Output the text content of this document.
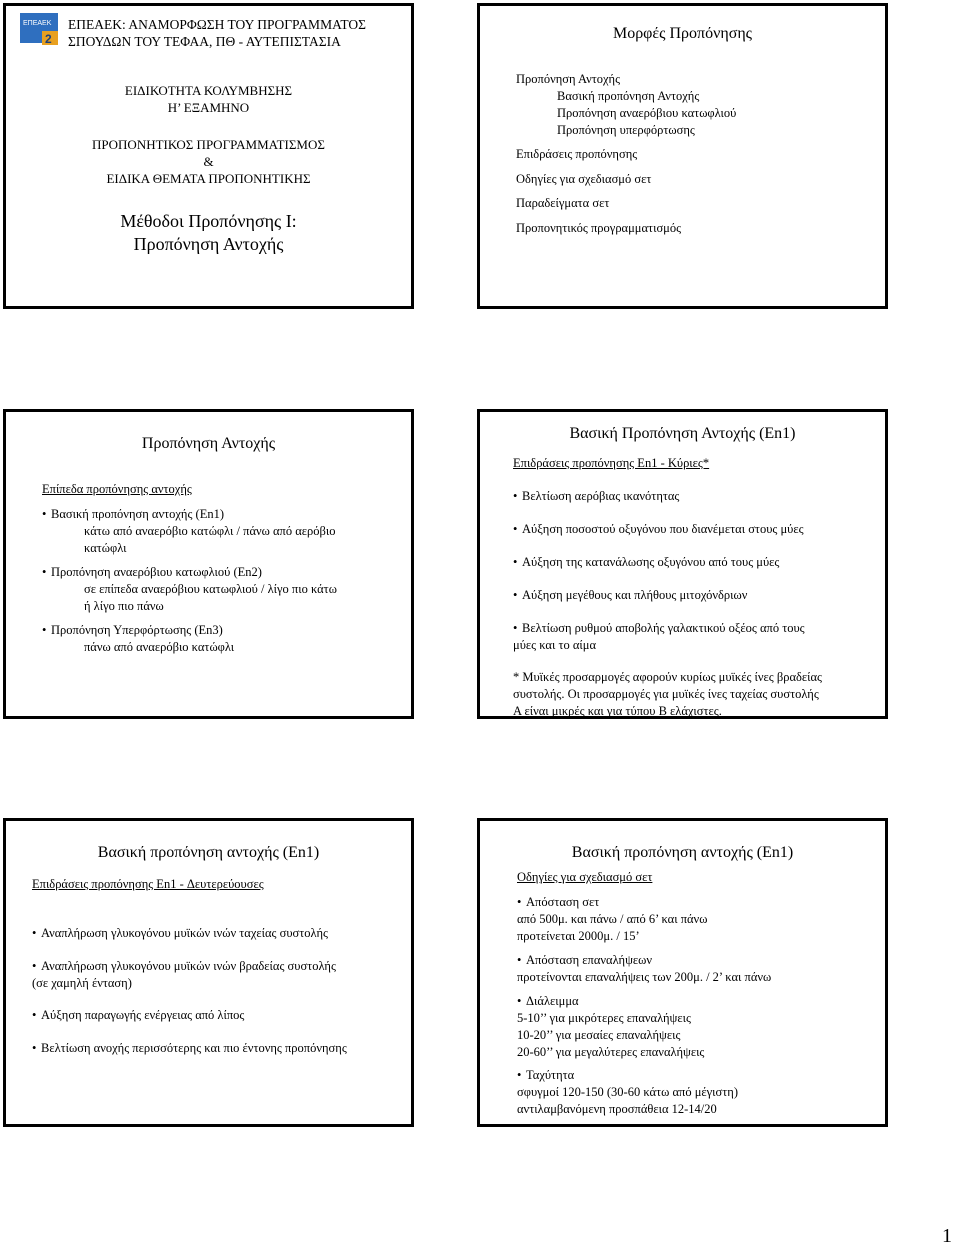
ΕΠΕΑΕΚ
2
ΕΠΕΑΕΚ: ΑΝΑΜΟΡΦΩΣΗ ΤΟΥ ΠΡΟΓΡΑΜΜΑΤΟΣ
ΣΠΟΥΔΩΝ ΤΟΥ ΤΕΦΑΑ, ΠΘ - ΑΥΤΕΠΙΣΤΑΣΙΑ
ΕΙΔΙΚΟΤΗΤΑ ΚΟΛΥΜΒΗΣΗΣ
Η’ ΕΞΑΜΗΝΟ
ΠΡΟΠΟΝΗΤΙΚΟΣ ΠΡΟΓΡΑΜΜΑΤΙΣΜΟΣ
&
ΕΙΔΙΚΑ ΘΕΜΑΤΑ ΠΡΟΠΟΝΗΤΙΚΗΣ
Μέθοδοι Προπόνησης Ι:
Προπόνηση Αντοχής
Μορφές Προπόνησης
Προπόνηση Αντοχής
Βασική προπόνηση Αντοχής
Προπόνηση αναερόβιου κατωφλιού
Προπόνηση υπερφόρτωσης
Επιδράσεις προπόνησης
Οδηγίες για σχεδιασμό σετ
Παραδείγματα σετ
Προπονητικός προγραμματισμός
Προπόνηση Αντοχής
Επίπεδα προπόνησης αντοχής
• Βασική προπόνηση αντοχής (En1)
κάτω από αναερόβιο κατώφλι / πάνω από αερόβιο
κατώφλι
• Προπόνηση αναερόβιου κατωφλιού (En2)
σε επίπεδα αναερόβιου κατωφλιού / λίγο πιο κάτω
ή λίγο πιο πάνω
• Προπόνηση Υπερφόρτωσης (En3)
πάνω από αναερόβιο κατώφλι
Βασική Προπόνηση Αντοχής (En1)
Επιδράσεις προπόνησης En1 - Κύριες*
• Βελτίωση αερόβιας ικανότητας
• Αύξηση ποσοστού οξυγόνου που διανέμεται στους μύες
• Αύξηση της κατανάλωσης οξυγόνου από τους μύες
• Αύξηση μεγέθους και πλήθους μιτοχόνδριων
• Βελτίωση ρυθμού αποβολής γαλακτικού οξέος από τους
μύες και το αίμα
* Μυϊκές προσαρμογές αφορούν κυρίως μυϊκές ίνες βραδείας
συστολής. Οι προσαρμογές για μυϊκές ίνες ταχείας συστολής
Α είναι μικρές και για τύπου Β ελάχιστες.
Βασική προπόνηση αντοχής (En1)
Επιδράσεις προπόνησης En1 - Δευτερεύουσες
• Αναπλήρωση γλυκογόνου μυϊκών ινών ταχείας συστολής
• Αναπλήρωση γλυκογόνου μυϊκών ινών βραδείας συστολής
(σε χαμηλή ένταση)
• Αύξηση παραγωγής ενέργειας από λίπος
• Βελτίωση ανοχής περισσότερης και πιο έντονης προπόνησης
Βασική προπόνηση αντοχής (En1)
Οδηγίες για σχεδιασμό σετ
• Απόσταση σετ
από 500μ. και πάνω / από 6’ και πάνω
προτείνεται 2000μ. / 15’
• Απόσταση επαναλήψεων
προτείνονται επαναλήψεις των 200μ. / 2’ και πάνω
• Διάλειμμα
5-10’’ για μικρότερες επαναλήψεις
10-20’’ για μεσαίες επαναλήψεις
20-60’’ για μεγαλύτερες επαναλήψεις
• Ταχύτητα
σφυγμοί 120-150 (30-60 κάτω από μέγιστη)
αντιλαμβανόμενη προσπάθεια 12-14/20
1
